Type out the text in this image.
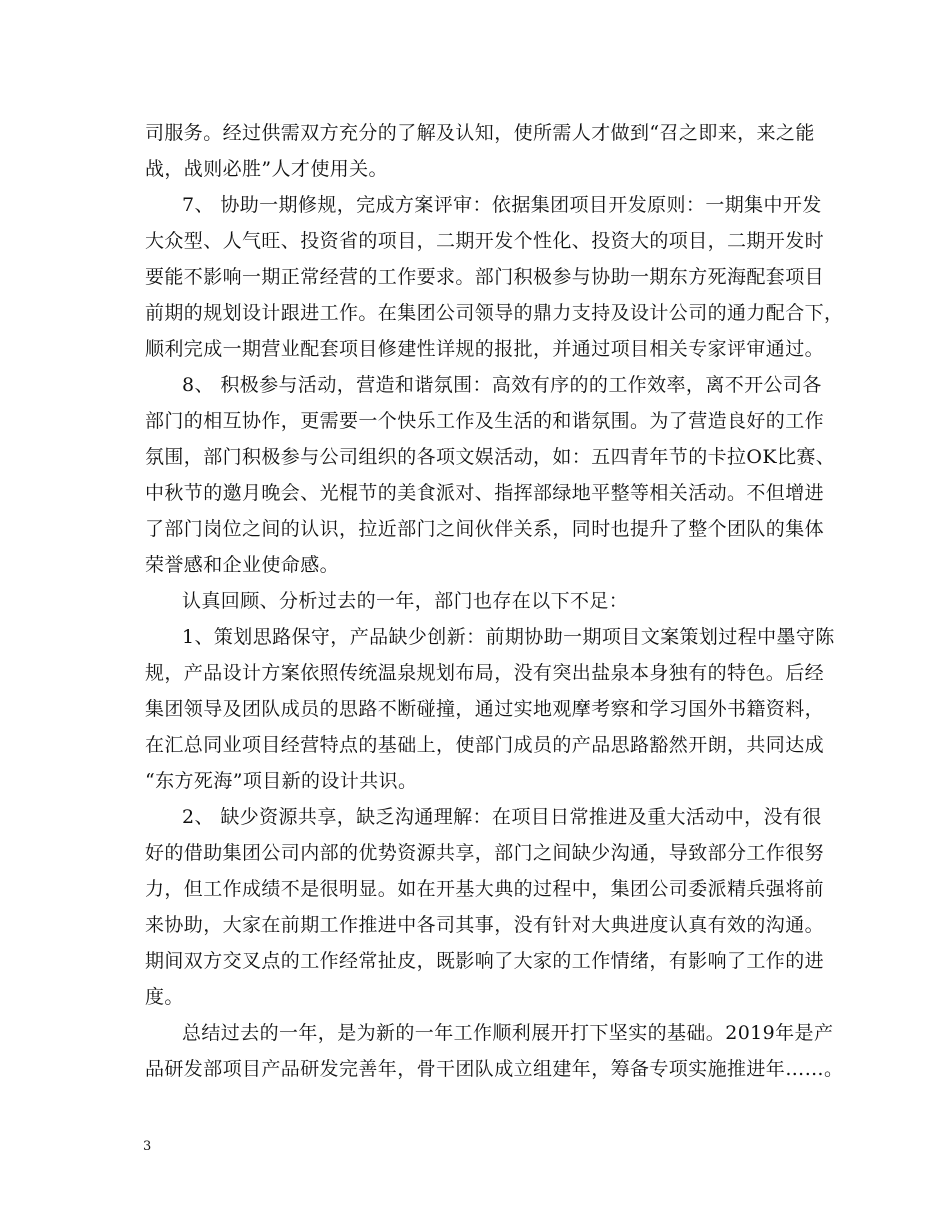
司服务。经过供需双方充分的了解及认知，使所需人才做到“召之即来，来之能
战，战则必胜”人才使用关。
7、 协助一期修规，完成方案评审：依据集团项目开发原则：一期集中开发
大众型、人气旺、投资省的项目，二期开发个性化、投资大的项目，二期开发时
要能不影响一期正常经营的工作要求。部门积极参与协助一期东方死海配套项目
前期的规划设计跟进工作。在集团公司领导的鼎力支持及设计公司的通力配合下，
顺利完成一期营业配套项目修建性详规的报批，并通过项目相关专家评审通过。
8、 积极参与活动，营造和谐氛围：高效有序的的工作效率，离不开公司各
部门的相互协作，更需要一个快乐工作及生活的和谐氛围。为了营造良好的工作
氛围，部门积极参与公司组织的各项文娱活动，如：五四青年节的卡拉OK比赛、
中秋节的邀月晚会、光棍节的美食派对、指挥部绿地平整等相关活动。不但增进
了部门岗位之间的认识，拉近部门之间伙伴关系，同时也提升了整个团队的集体
荣誉感和企业使命感。
认真回顾、分析过去的一年，部门也存在以下不足：
1、策划思路保守，产品缺少创新：前期协助一期项目文案策划过程中墨守陈
规，产品设计方案依照传统温泉规划布局，没有突出盐泉本身独有的特色。后经
集团领导及团队成员的思路不断碰撞，通过实地观摩考察和学习国外书籍资料，
在汇总同业项目经营特点的基础上，使部门成员的产品思路豁然开朗，共同达成
“东方死海”项目新的设计共识。
2、 缺少资源共享，缺乏沟通理解：在项目日常推进及重大活动中，没有很
好的借助集团公司内部的优势资源共享，部门之间缺少沟通，导致部分工作很努
力，但工作成绩不是很明显。如在开基大典的过程中，集团公司委派精兵强将前
来协助，大家在前期工作推进中各司其事，没有针对大典进度认真有效的沟通。
期间双方交叉点的工作经常扯皮，既影响了大家的工作情绪，有影响了工作的进
度。
总结过去的一年，是为新的一年工作顺利展开打下坚实的基础。2019年是产
品研发部项目产品研发完善年，骨干团队成立组建年，筹备专项实施推进年……。
3
